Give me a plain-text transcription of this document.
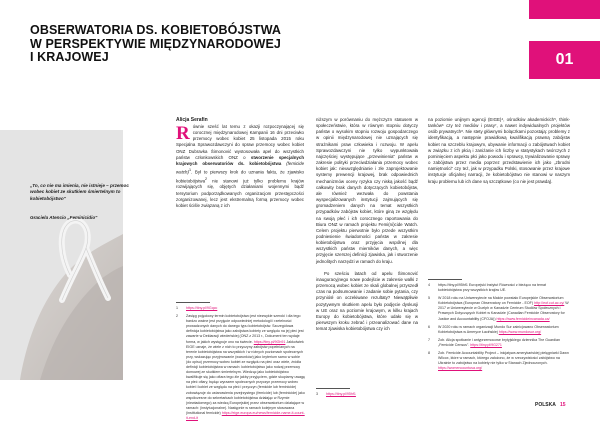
OBSERWATORIA DS. KOBIETOBÓJSTWA
W PERSPEKTYWIE MIĘDZYNARODOWEJ
I KRAJOWEJ	01
„To, co nie ma imienia, nie istnieje – przemoc wobec kobiet ze skutkiem śmiertelnym to kobietobójstwo"
Graciela Atencio „Feminicidio"
Alicja Serafin
R ównie sześć lat temu z okazji rozpoczynającej się corocznej międzynarodowej Kampanii 16 dni przeciwko przemocy wobec kobiet 25 listopada 2015 roku Specjalna Sprawozdawczyni do spraw przemocy wobec kobiet ONZ Dubravka Šimonović wystosowała apel do wszystkich państw członkowskich ONZ o stworzenie specjalnych krajowych obserwatoriów ds. kobietobójstwa (femicide watch)$^1$. Był to pierwszy krok do uznania faktu, że zjawisko kobietobójstwa$^2$ nie stanowi już tylko problemu krajów rozwijających się, objętych działaniami wojennymi bądź tersytorium podporządkowanych organizacjom przestępczości zorganizowanej, lecz jest ekstremalną formą przemocy wobec kobiet ściśle związaną z ich
1	https://tiny.pl/9Gqcc
2	Zasięg pojęciowy termin kobietobójstwo jest niezwykle szeroki i dla tego bardzo ważne jest przyjęcie odpowiedniej metodologii i rzetelności prowadzonych danych do danego typu kobietobójstw. Szczegółowa definicja kobietobójstwa jako zabójstwa kobiety ze względu na jej płeć jest zawarte w Deklaracji wiedeńskiej (ONZ z 2013 r., Dokument ten wydaje forma, w jakich występuje ono na świecie. https://tiny.pl/9Gh91 Jakkolwiek EIGE uznaje, że wiele z nich to przyczyny zabójstw popełnianych na terenie kobietobójstwa na wszystkich i w różnych poziomach społecznych przy, wskazując przyjmowanie (warunków) jako kryterium samo w sobie (do opisu) przemocy wobec kobiet ze względu na płeć oraz wiele, źródła definicji kobietobójstwa w ramach: kobietobójstwo jako rodzaj przemocy domowej ze skutkiem śmiertelnym. Wiedząc jako kobietobójstwo kwalifikuje się jako ofiara tego źle jakby przyjęciem, gdzie skupiamy uwagę na płeć ofiary, będąc wyrazem społecznych przyczyn przemocy wobec kobiet i kobiet ze względu na płeć i przyczyn (femicide lub feminicide) zobowiązuje do ustanowienia przejrzystego (femicide) lub (feminicide) jako współczesne do sekretarkach kobietobójstwa działając w Rzymie (niewiadomego) za wiedzą Europejskiej przez obserwatorium działające w ramach: (instytucjonalne). Następnie w ramach kolejnym stosowana (institutional femicide) https://eige.europa.eu/news/femicide-name-it-count-it-end-it

niższym w porównaniu do mężczyzn statusem w społeczeństwie, która w równym stopniu dotyczy państw o wysokim stopniu rozwoju gospodarczego w opinii międzynarodowej nie uznających się strażnikami praw człowieka i rozwoju. W apelu Sprawozdawczyni nie tylko wypunktowała najczęściej występujące „przewinienia" państw w zakresie polityki przeciwdziałania przemocy wobec kobiet jak: nieuwzględnianie i złe zaprojektowanie systemy prewencji krajowej, brak odpowiednich mechanizmów oceny ryzyka czy niską jakość bądź całkowity brak danych dotyczących kobietobójstw, ale również wezwała do powstania wyspecjalizowanych instytucji zajmujących się gromadzeniem danych na temat wszystkich przypadków zabójstw kobiet, które giną ze względu na swoją płeć i ich corocznego raportowania do Biura ONZ w ramach projektu Femi(ni)cide Watch. Celem projektu pierwotnie było przede wszystkim podniesienie świadomości państw w zakresie kobietobójstwa oraz przyjęcia wspólnej dla wszystkich państw mierników danych, a więc przyjęcie szerszej definicji zjawiska, jak i stworzenie jednolitych narzędzi w ramach do kraju.

Po sześciu latach od apelu Šimonović inauguracyjnego nowe podejście w zakresie walki z przemocą wobec kobiet ze skali globalnej przyszedł czas na podsumowanie i zadanie sobie pytania, czy przyniósł on oczekiwane rezultaty? Niewątpliwie pozytywnym skutkiem apelu było podjęcie dyskusji w UE oraz na poziomie krajowym, w kilku krajach Europy do kobietobójstwa, które udało się w pierwszym kroku zebrać i przeanalizować dane na temat zjawiska kobietobójstwa czy ich

3	https://tiny.pl/95hf1

na poziomie unijnym agencji (EIGE)⁴, ośrodków akademickich⁵, think-tanków⁶ czy też mediów i prasy⁷, a nawet indywidualnych projektów osób prywatnych⁸. Nie stety głównymi bolączkami pozostają: problemy z identyfikacją, a następnie prawidłową kwalifikacją prawną zabójstw kobiet na szczeblu krajowym, ubywanie informacji o zabójstwach kobiet w związku z ich płcią i zaniżanie ich liczby w statystykach twórczych z pominięciem aspektu płci jako powodu i sprawcy, trywializowanie sprawy o zabójstwa przez media poprzez przedstawienie ich jako „zbrodni namiętności" czy też, jak w przypadku Polski, stosowanie przez krajowe instytucje oficjalnej narracji, że kobietobójstwo nie stanowi w naszym kraju problemu lub ich dane są szczątkowe (co nie jest prawdą).

4	https://tiny.pl/95hf1 Europejski Instytut Równości z bieżąco na temat kobietobójstwa przy wszystkich krajów UE.
5	W 2018 roku na Uniwersytecie na Malcie powstało Europejskie Obserwatorium Kobietobójstwa (European Observatory on Femicide - EOF) http://eof.cut.ac.cy/ W 2017 w Uniwersytecie w Guelph w Kanadzie Centrum Studiów Społecznych i Prawnych Dotyczących Kobiet w Kanadzie (Canadian Femicide Observatory for Justice and Accountability (CFOJA)) https://www.femicideincanada.ca/
6	W 2020 roku w ramach organizacji Mundo Sur zainicjowano Obserwatorium Kobietobójstwa w Ameryce Łacińskiej https://www.mundosur.org/
7	Zob. Alicja spotkanie i antyprzemocowe brytyjskiego dziennika The Guardian „Femicide Census". https://tiny.pl/9G271
8	Zob. Femicide Accountability Project – inicjatywa amerykańskiej pielęgniarki Dawn Wilcox, które w ramach, którego założono, że w rzeczywistości zabójstwo na Ukrainie to zabójstwo na kobiety nie tylko w Stanach Zjednoczonych. https://womencountusa.org/
POLSKA 15
